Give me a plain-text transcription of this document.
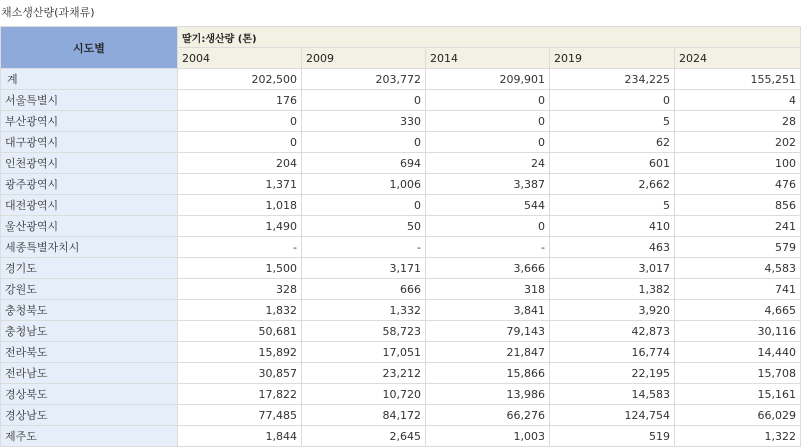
채소생산량(과채류)
시도별	딸기:생산량 (톤)				
	2004	2009	2014	2019	2024
계	202,500	203,772	209,901	234,225	155,251
서울특별시	176	0	0	0	4
부산광역시	0	330	0	5	28
대구광역시	0	0	0	62	202
인천광역시	204	694	24	601	100
광주광역시	1,371	1,006	3,387	2,662	476
대전광역시	1,018	0	544	5	856
울산광역시	1,490	50	0	410	241
세종특별자치시	-	-	-	463	579
경기도	1,500	3,171	3,666	3,017	4,583
강원도	328	666	318	1,382	741
충청북도	1,832	1,332	3,841	3,920	4,665
충청남도	50,681	58,723	79,143	42,873	30,116
전라북도	15,892	17,051	21,847	16,774	14,440
전라남도	30,857	23,212	15,866	22,195	15,708
경상북도	17,822	10,720	13,986	14,583	15,161
경상남도	77,485	84,172	66,276	124,754	66,029
제주도	1,844	2,645	1,003	519	1,322
